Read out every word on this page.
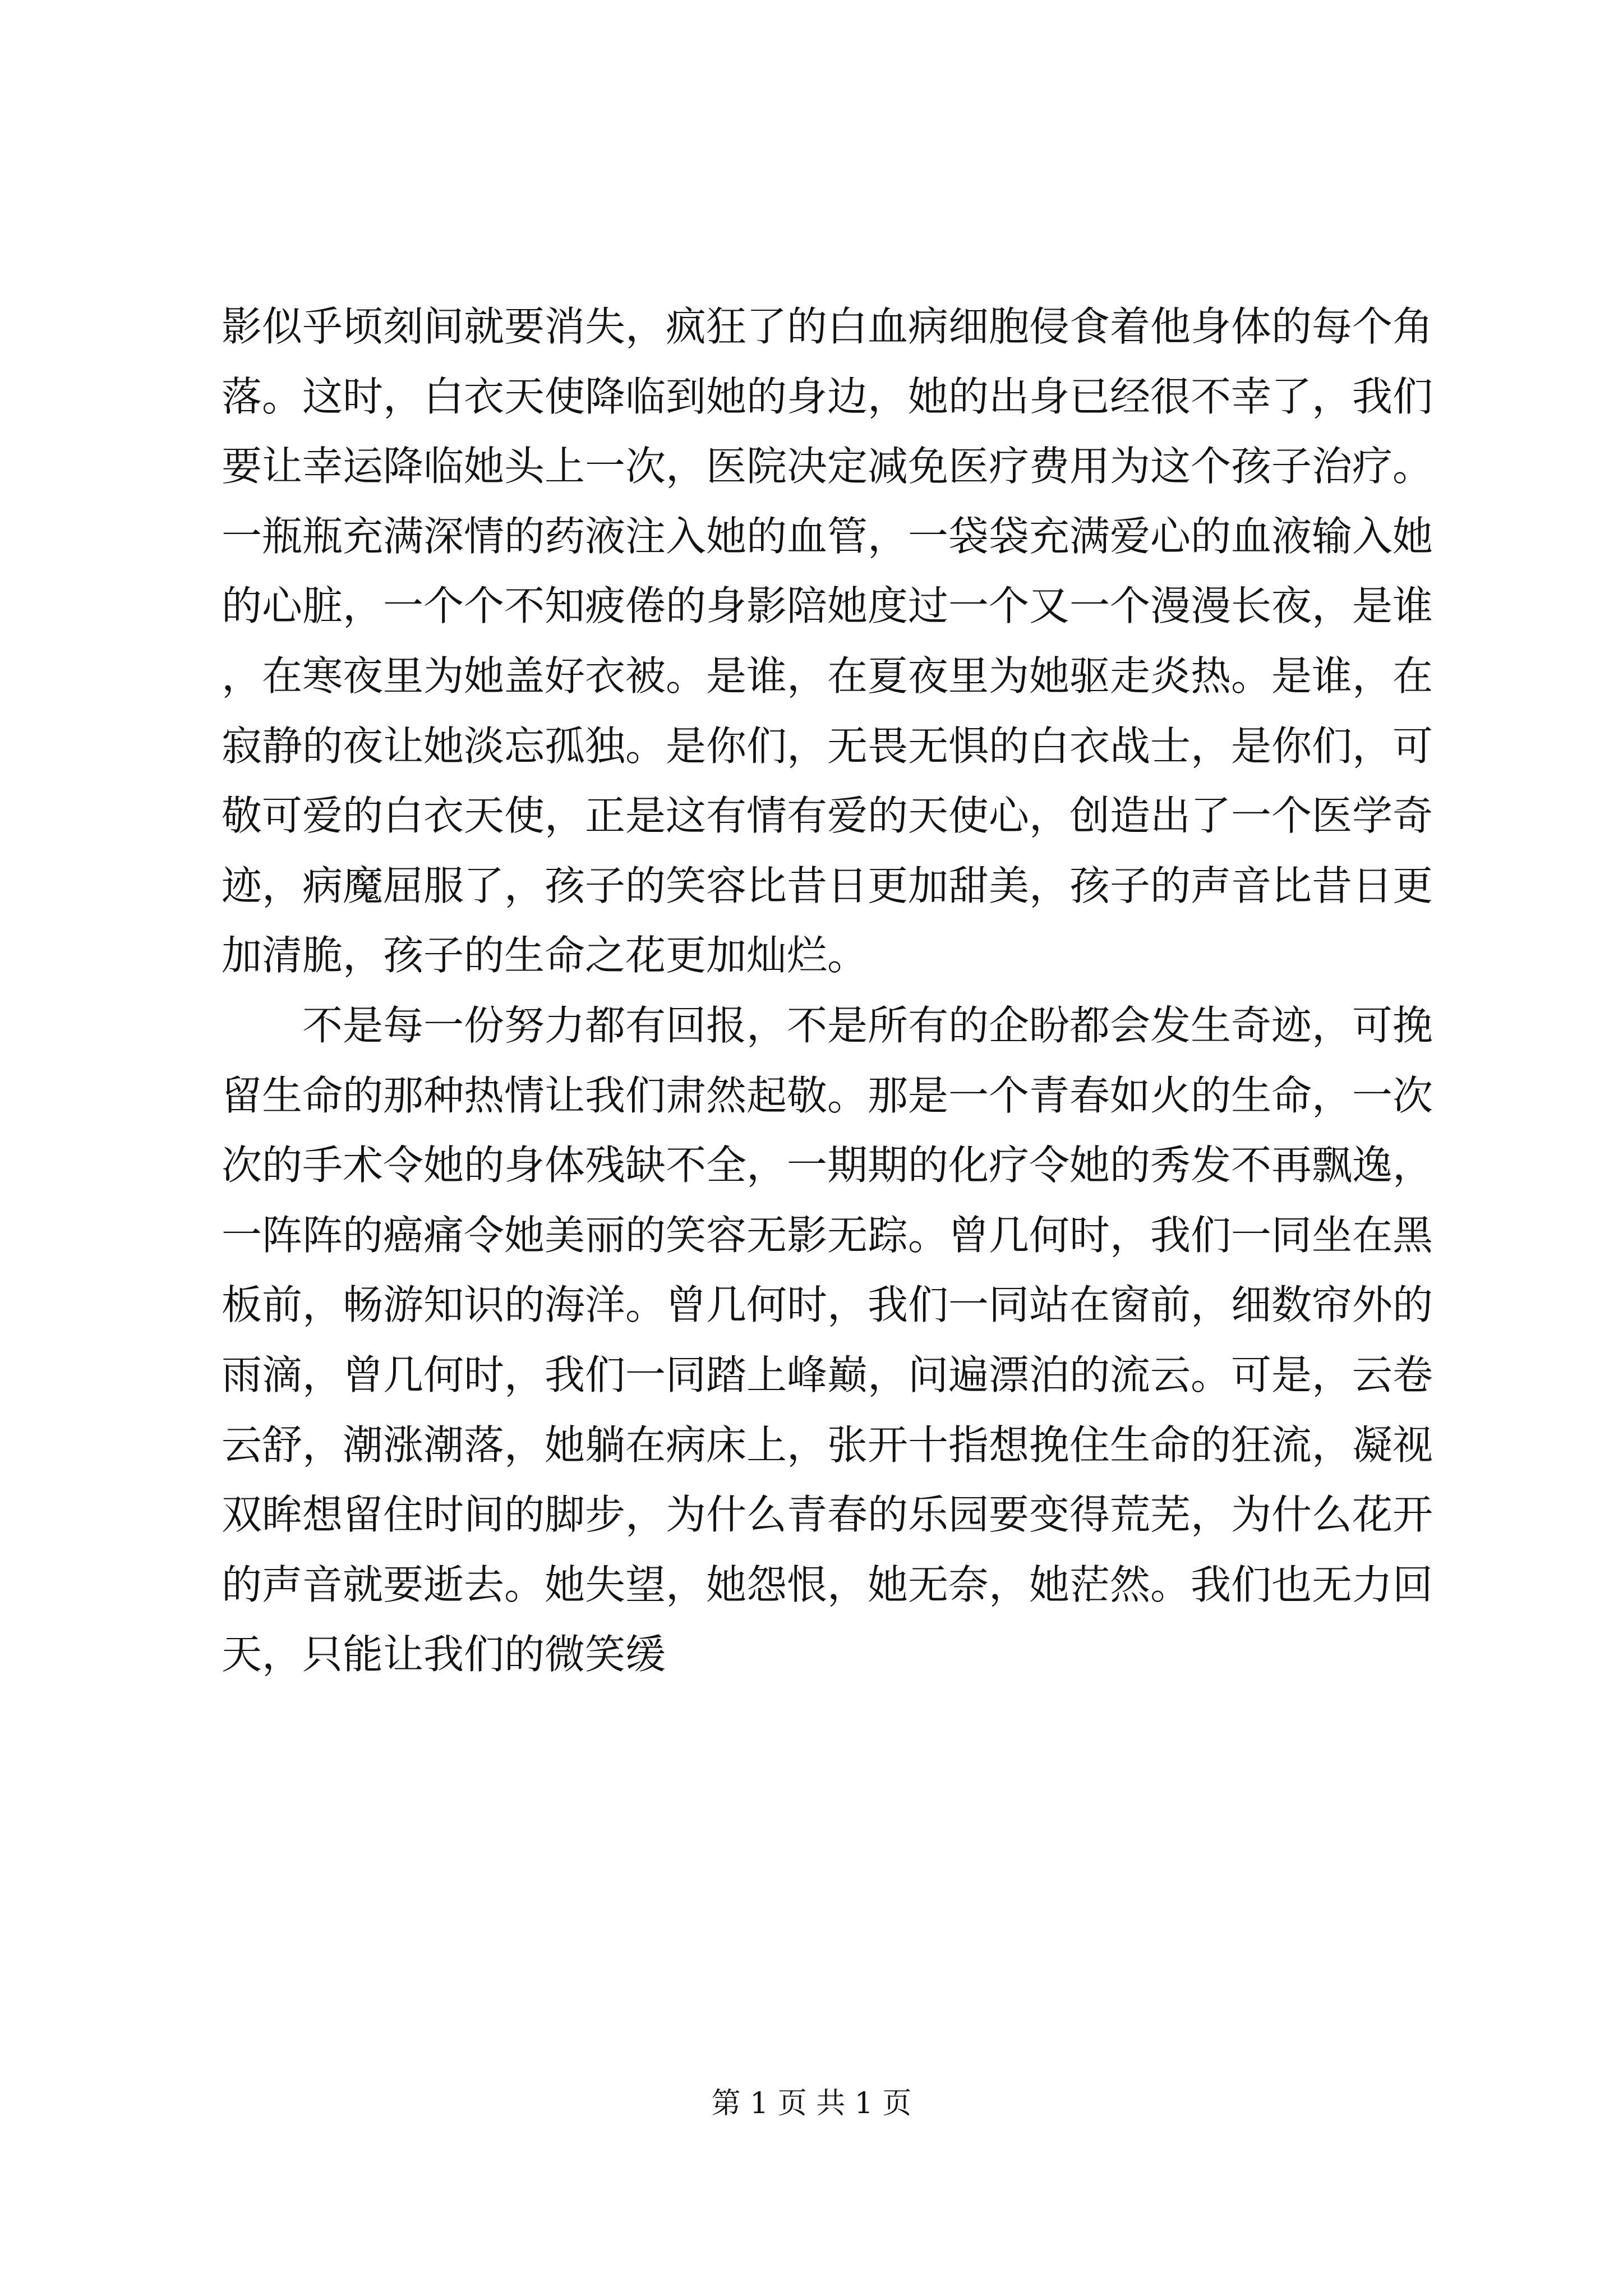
影似乎顷刻间就要消失，疯狂了的白血病细胞侵食着他身体的每个角落。这时，白衣天使降临到她的身边，她的出身已经很不幸了，我们要让幸运降临她头上一次，医院决定减免医疗费用为这个孩子治疗。一瓶瓶充满深情的药液注入她的血管，一袋袋充满爱心的血液输入她的心脏，一个个不知疲倦的身影陪她度过一个又一个漫漫长夜，是谁，在寒夜里为她盖好衣被。是谁，在夏夜里为她驱走炎热。是谁，在寂静的夜让她淡忘孤独。是你们，无畏无惧的白衣战士，是你们，可敬可爱的白衣天使，正是这有情有爱的天使心，创造出了一个医学奇迹，病魔屈服了，孩子的笑容比昔日更加甜美，孩子的声音比昔日更加清脆，孩子的生命之花更加灿烂。

不是每一份努力都有回报，不是所有的企盼都会发生奇迹，可挽留生命的那种热情让我们肃然起敬。那是一个青春如火的生命，一次次的手术令她的身体残缺不全，一期期的化疗令她的秀发不再飘逸，一阵阵的癌痛令她美丽的笑容无影无踪。曾几何时，我们一同坐在黑板前，畅游知识的海洋。曾几何时，我们一同站在窗前，细数帘外的雨滴，曾几何时，我们一同踏上峰巅，问遍漂泊的流云。可是，云卷云舒，潮涨潮落，她躺在病床上，张开十指想挽住生命的狂流，凝视双眸想留住时间的脚步，为什么青春的乐园要变得荒芜，为什么花开的声音就要逝去。她失望，她怨恨，她无奈，她茫然。我们也无力回天，只能让我们的微笑缓

第 1 页 共 1 页
